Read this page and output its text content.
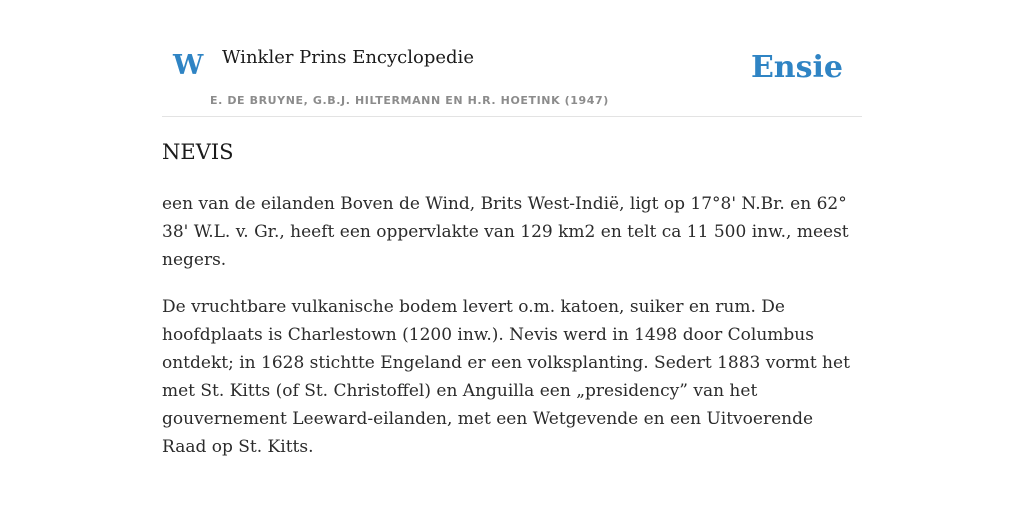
W Winkler Prins Encyclopedie
E. DE BRUYNE, G.B.J. HILTERMANN EN H.R. HOETINK (1947)
Ensie
NEVIS

een van de eilanden Boven de Wind, Brits West-Indië, ligt op 17°8' N.Br. en 62° 38' W.L. v. Gr., heeft een oppervlakte van 129 km2 en telt ca 11 500 inw., meest negers.

De vruchtbare vulkanische bodem levert o.m. katoen, suiker en rum. De hoofdplaats is Charlestown (1200 inw.). Nevis werd in 1498 door Columbus ontdekt; in 1628 stichtte Engeland er een volksplanting. Sedert 1883 vormt het met St. Kitts (of St. Christoffel) en Anguilla een „presidency” van het gouvernement Leeward-eilanden, met een Wetgevende en een Uitvoerende Raad op St. Kitts.
